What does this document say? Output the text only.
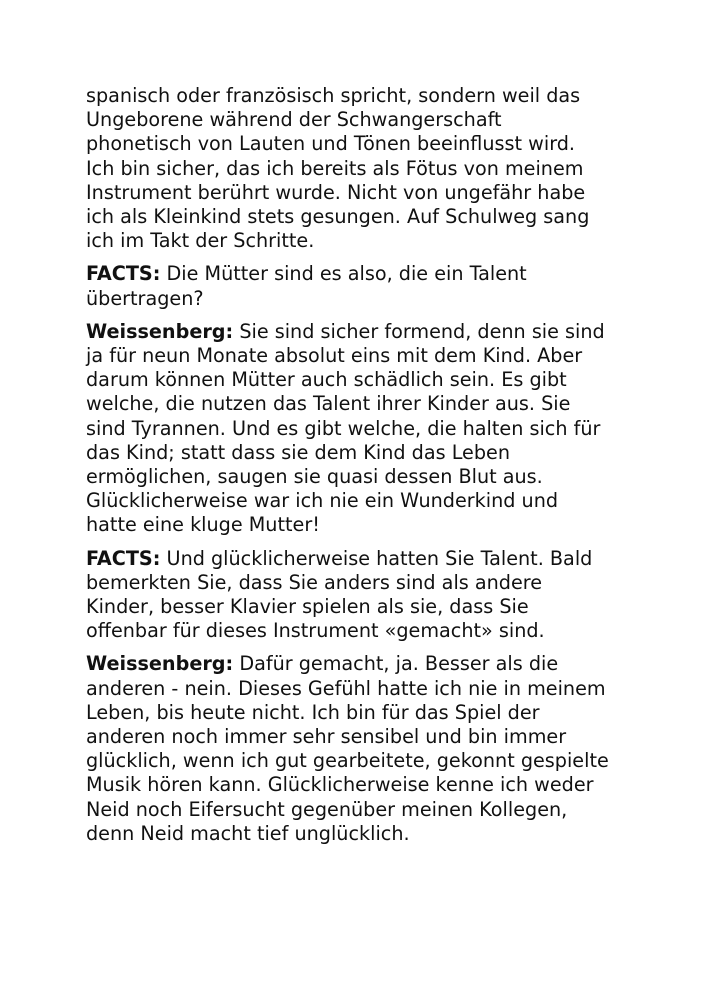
spanisch oder französisch spricht, sondern weil das
Ungeborene während der Schwangerschaft
phonetisch von Lauten und Tönen beeinflusst wird.
Ich bin sicher, das ich bereits als Fötus von meinem
Instrument berührt wurde. Nicht von ungefähr habe
ich als Kleinkind stets gesungen. Auf Schulweg sang
ich im Takt der Schritte.

FACTS: Die Mütter sind es also, die ein Talent
übertragen?

Weissenberg: Sie sind sicher formend, denn sie sind
ja für neun Monate absolut eins mit dem Kind. Aber
darum können Mütter auch schädlich sein. Es gibt
welche, die nutzen das Talent ihrer Kinder aus. Sie
sind Tyrannen. Und es gibt welche, die halten sich für
das Kind; statt dass sie dem Kind das Leben
ermöglichen, saugen sie quasi dessen Blut aus.
Glücklicherweise war ich nie ein Wunderkind und
hatte eine kluge Mutter!

FACTS: Und glücklicherweise hatten Sie Talent. Bald
bemerkten Sie, dass Sie anders sind als andere
Kinder, besser Klavier spielen als sie, dass Sie
offenbar für dieses Instrument «gemacht» sind.

Weissenberg: Dafür gemacht, ja. Besser als die
anderen - nein. Dieses Gefühl hatte ich nie in meinem
Leben, bis heute nicht. Ich bin für das Spiel der
anderen noch immer sehr sensibel und bin immer
glücklich, wenn ich gut gearbeitete, gekonnt gespielte
Musik hören kann. Glücklicherweise kenne ich weder
Neid noch Eifersucht gegenüber meinen Kollegen,
denn Neid macht tief unglücklich.
